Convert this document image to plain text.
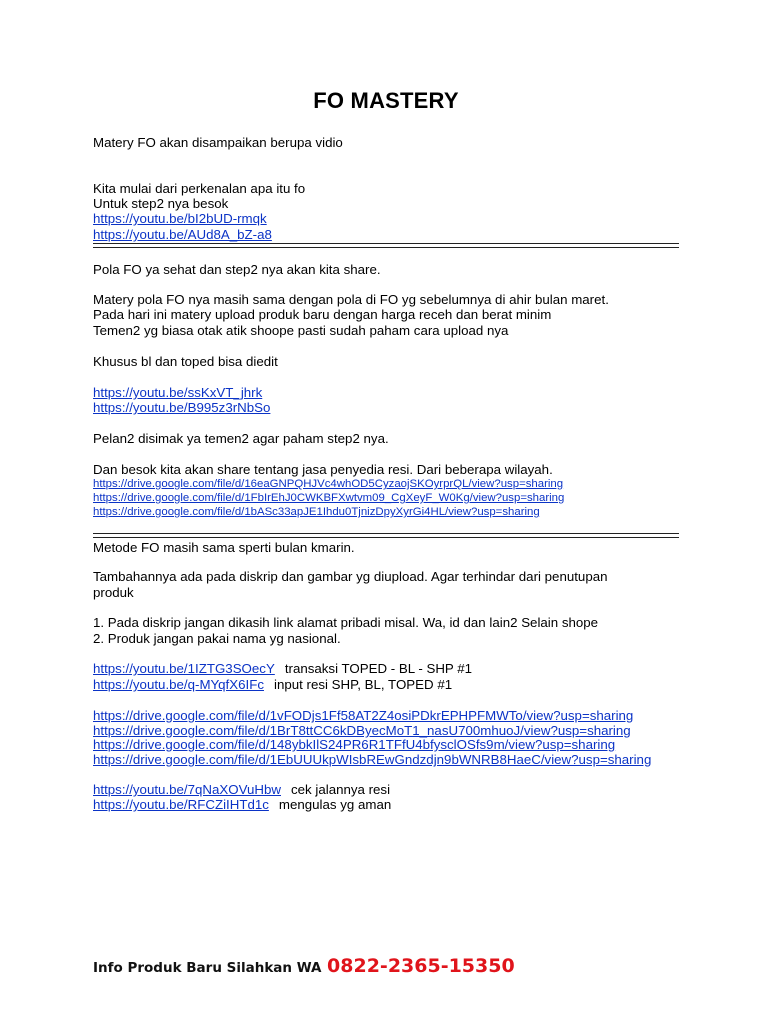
FO MASTERY
Matery FO akan disampaikan berupa vidio
Kita mulai dari perkenalan apa itu fo
Untuk step2 nya besok
https://youtu.be/bI2bUD-rmqk
https://youtu.be/AUd8A_bZ-a8
Pola FO ya sehat dan step2 nya akan kita share.
Matery pola FO nya masih sama dengan pola di FO yg sebelumnya di ahir bulan maret.
Pada hari ini matery upload produk baru dengan harga receh dan berat minim
Temen2 yg biasa otak atik shoope pasti sudah paham cara upload nya
Khusus bl dan toped bisa diedit
https://youtu.be/ssKxVT_jhrk
https://youtu.be/B995z3rNbSo
Pelan2 disimak ya temen2 agar paham step2 nya.
Dan besok kita akan share tentang jasa penyedia resi. Dari beberapa wilayah.
https://drive.google.com/file/d/16eaGNPQHJVc4whOD5CyzaojSKOyrprQL/view?usp=sharing
https://drive.google.com/file/d/1FbIrEhJ0CWKBFXwtvm09_CgXeyF_W0Kg/view?usp=sharing
https://drive.google.com/file/d/1bASc33apJE1Ihdu0TjnizDpyXyrGi4HL/view?usp=sharing
Metode FO masih sama sperti bulan kmarin.
Tambahannya ada pada diskrip dan gambar yg diupload. Agar terhindar dari penutupan
produk
1. Pada diskrip jangan dikasih link alamat pribadi misal. Wa, id dan lain2 Selain shope
2. Produk jangan pakai nama yg nasional.
https://youtu.be/1IZTG3SOecY transaksi TOPED - BL - SHP #1
https://youtu.be/q-MYqfX6IFc input resi SHP, BL, TOPED #1
https://drive.google.com/file/d/1vFODjs1Ff58AT2Z4osiPDkrEPHPFMWTo/view?usp=sharing
https://drive.google.com/file/d/1BrT8ttCC6kDByecMoT1_nasU700mhuoJ/view?usp=sharing
https://drive.google.com/file/d/148ybkIlS24PR6R1TFfU4bfysclOSfs9m/view?usp=sharing
https://drive.google.com/file/d/1EbUUUkpWIsbREwGndzdjn9bWNRB8HaeC/view?usp=sharing
https://youtu.be/7qNaXOVuHbw cek jalannya resi
https://youtu.be/RFCZiIHTd1c mengulas yg aman
Info Produk Baru Silahkan WA 0822-2365-15350
